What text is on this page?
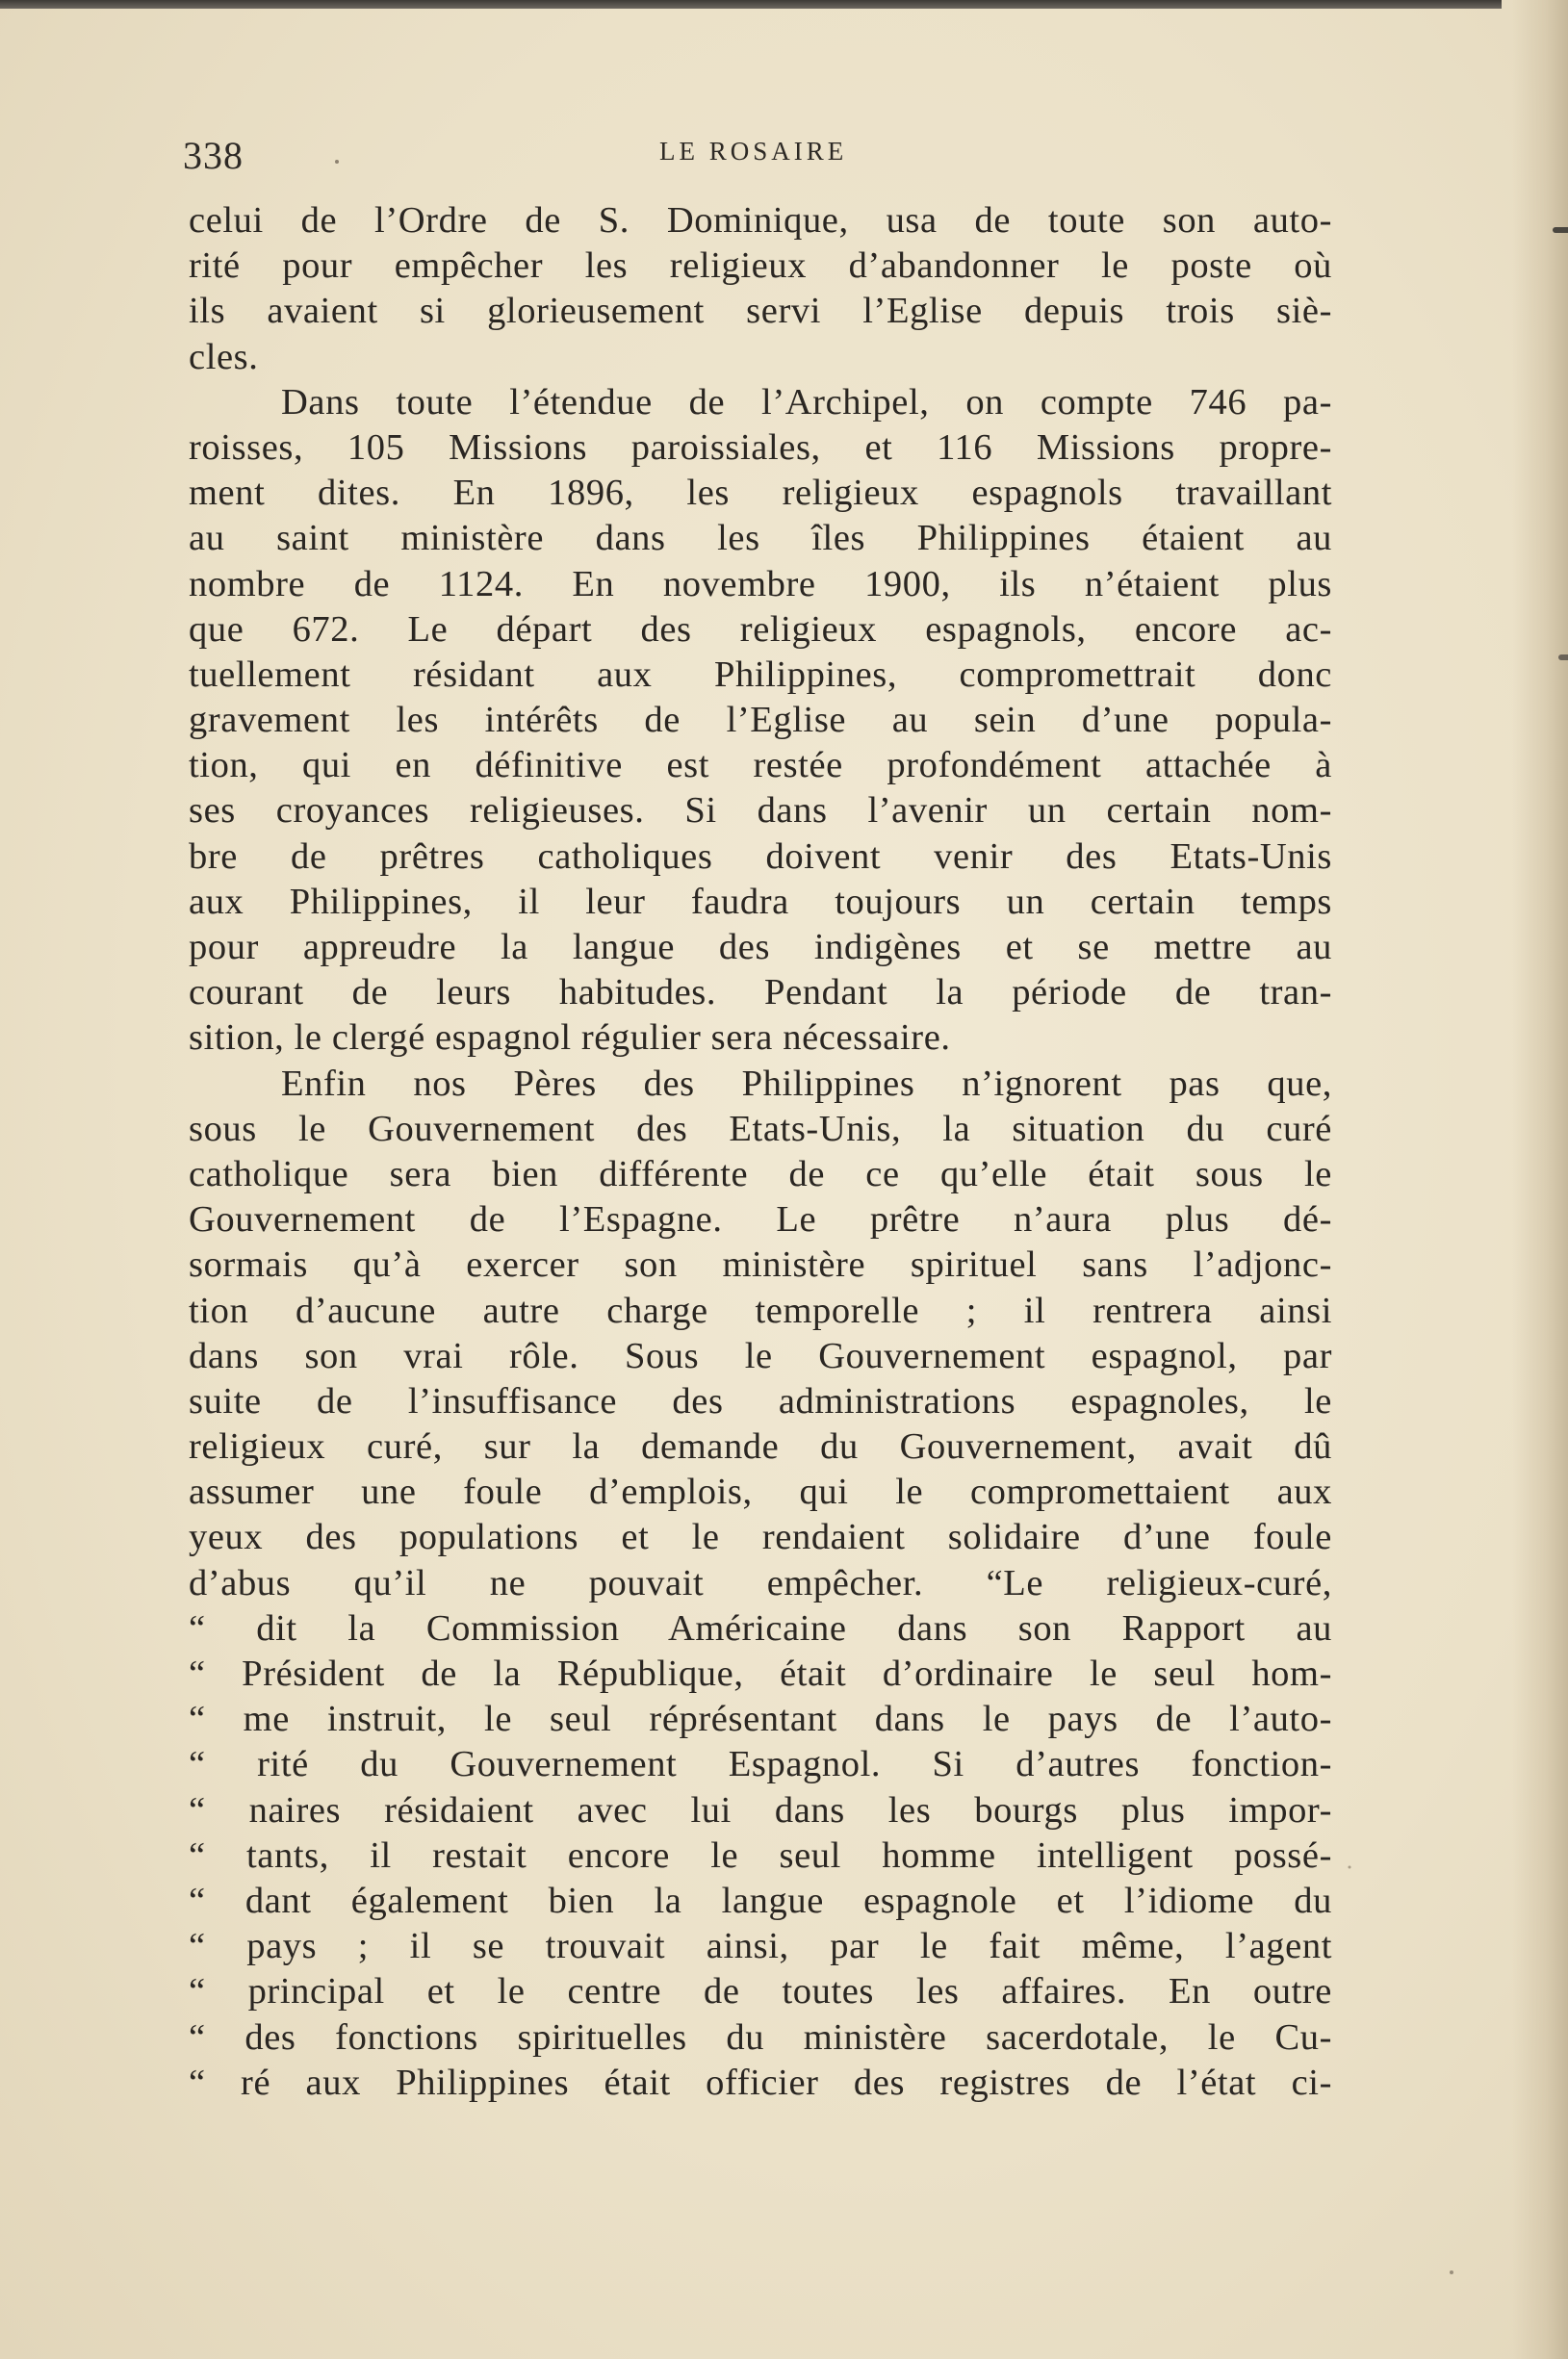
338	LE ROSAIRE
celui de l’Ordre de S. Dominique, usa de toute son auto-
rité pour empêcher les religieux d’abandonner le poste où
ils avaient si glorieusement servi l’Eglise depuis trois siè-
cles.
Dans toute l’étendue de l’Archipel, on compte 746 pa-
roisses, 105 Missions paroissiales, et 116 Missions propre-
ment dites. En 1896, les religieux espagnols travaillant
au saint ministère dans les îles Philippines étaient au
nombre de 1124. En novembre 1900, ils n’étaient plus
que 672. Le départ des religieux espagnols, encore ac-
tuellement résidant aux Philippines, compromettrait donc
gravement les intérêts de l’Eglise au sein d’une popula-
tion, qui en définitive est restée profondément attachée à
ses croyances religieuses. Si dans l’avenir un certain nom-
bre de prêtres catholiques doivent venir des Etats-Unis
aux Philippines, il leur faudra toujours un certain temps
pour appreudre la langue des indigènes et se mettre au
courant de leurs habitudes. Pendant la période de tran-
sition, le clergé espagnol régulier sera nécessaire.
Enfin nos Pères des Philippines n’ignorent pas que,
sous le Gouvernement des Etats-Unis, la situation du curé
catholique sera bien différente de ce qu’elle était sous le
Gouvernement de l’Espagne. Le prêtre n’aura plus dé-
sormais qu’à exercer son ministère spirituel sans l’adjonc-
tion d’aucune autre charge temporelle ; il rentrera ainsi
dans son vrai rôle. Sous le Gouvernement espagnol, par
suite de l’insuffisance des administrations espagnoles, le
religieux curé, sur la demande du Gouvernement, avait dû
assumer une foule d’emplois, qui le compromettaient aux
yeux des populations et le rendaient solidaire d’une foule
d’abus qu’il ne pouvait empêcher. “Le religieux-curé,
“ dit la Commission Américaine dans son Rapport au
“ Président de la République, était d’ordinaire le seul hom-
“ me instruit, le seul réprésentant dans le pays de l’auto-
“ rité du Gouvernement Espagnol. Si d’autres fonction-
“ naires résidaient avec lui dans les bourgs plus impor-
“ tants, il restait encore le seul homme intelligent possé-
“ dant également bien la langue espagnole et l’idiome du
“ pays ; il se trouvait ainsi, par le fait même, l’agent
“ principal et le centre de toutes les affaires. En outre
“ des fonctions spirituelles du ministère sacerdotale, le Cu-
“ ré aux Philippines était officier des registres de l’état ci-
